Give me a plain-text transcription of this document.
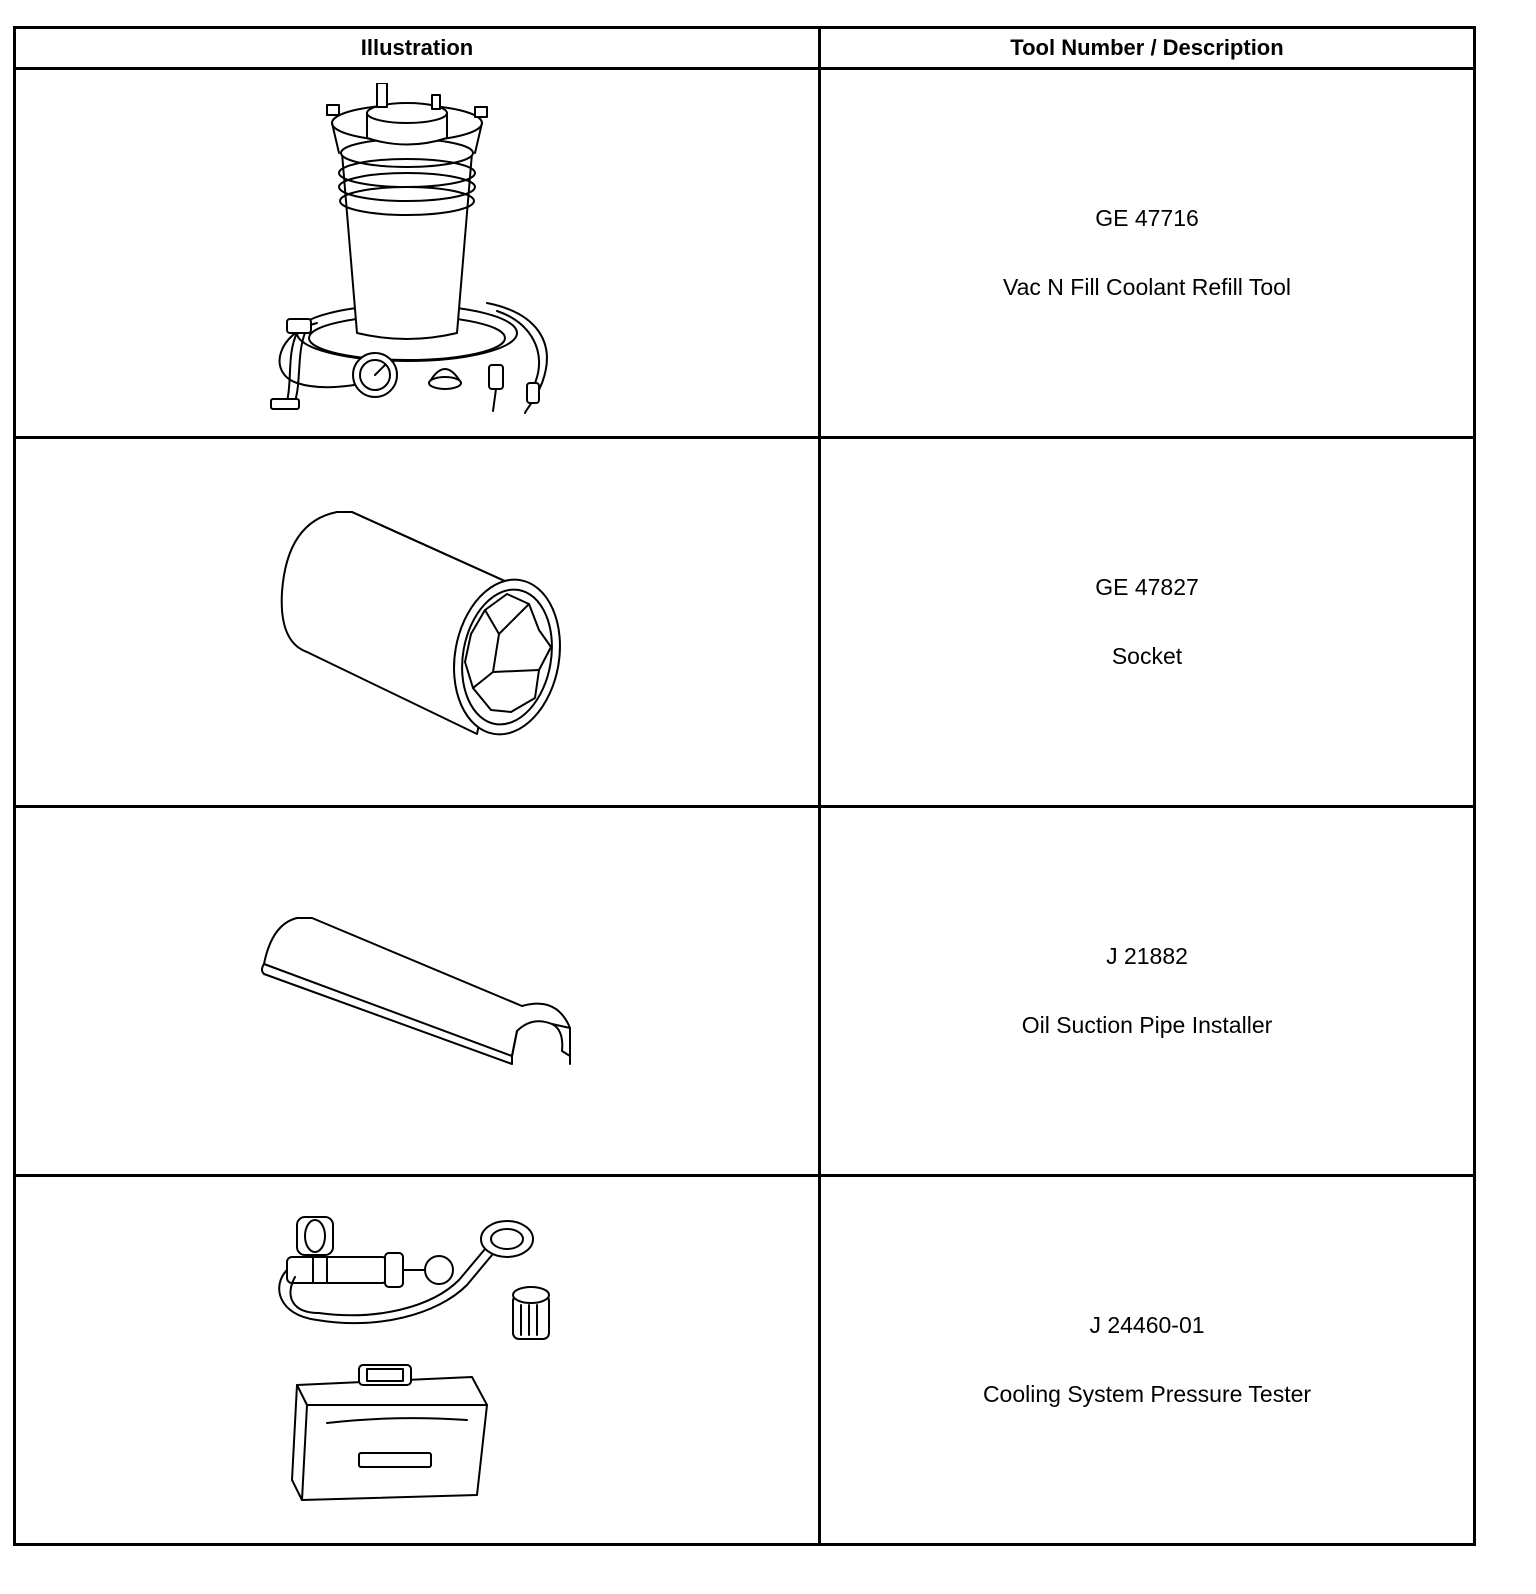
Illustration	Tool Number / Description

GE 47716
Vac N Fill Coolant Refill Tool

GE 47827
Socket

J 21882
Oil Suction Pipe Installer

J 24460-01
Cooling System Pressure Tester
